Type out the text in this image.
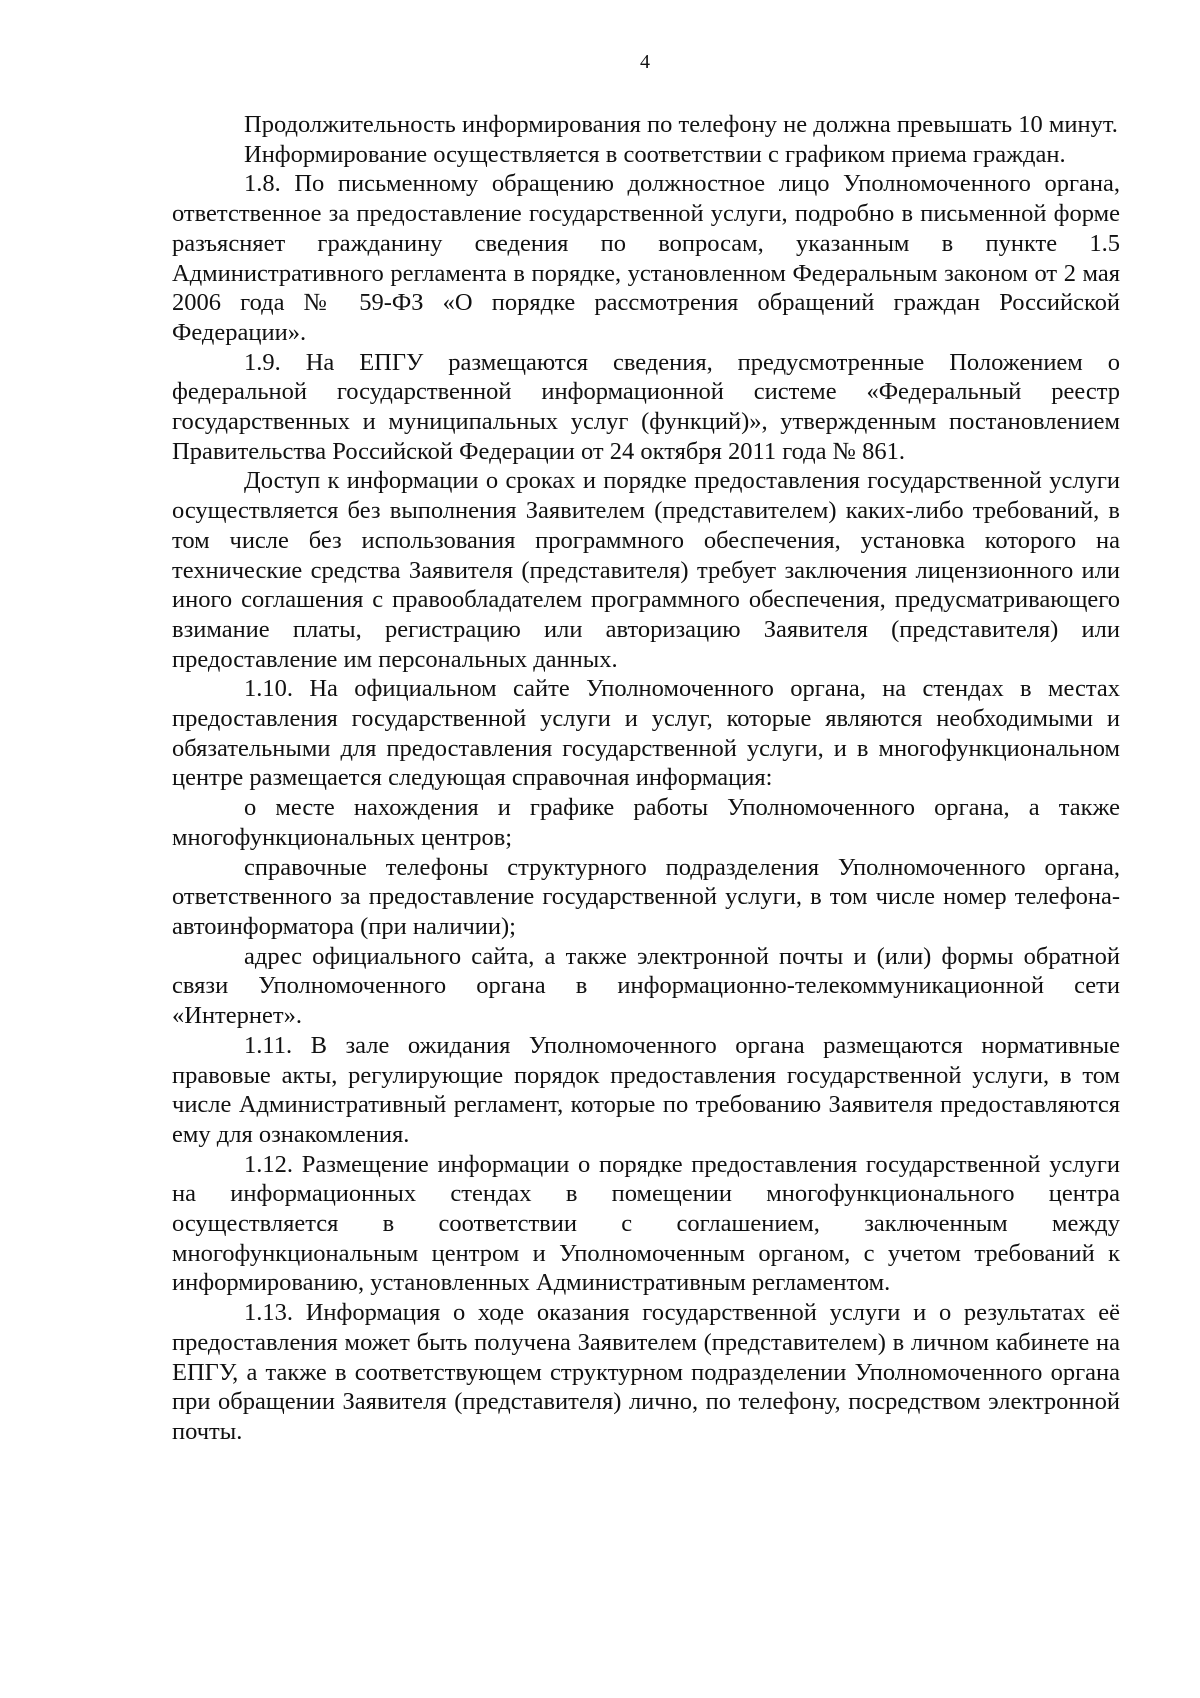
4

Продолжительность информирования по телефону не должна превышать 10 минут.

Информирование осуществляется в соответствии с графиком приема граждан.

1.8. По письменному обращению должностное лицо Уполномоченного органа, ответственное за предоставление государственной услуги, подробно в письменной форме разъясняет гражданину сведения по вопросам, указанным в пункте 1.5 Административного регламента в порядке, установленном Федеральным законом от 2 мая 2006 года № 59-ФЗ «О порядке рассмотрения обращений граждан Российской Федерации».

1.9. На ЕПГУ размещаются сведения, предусмотренные Положением о федеральной государственной информационной системе «Федеральный реестр государственных и муниципальных услуг (функций)», утвержденным постановлением Правительства Российской Федерации от 24 октября 2011 года № 861.

Доступ к информации о сроках и порядке предоставления государственной услуги осуществляется без выполнения Заявителем (представителем) каких-либо требований, в том числе без использования программного обеспечения, установка которого на технические средства Заявителя (представителя) требует заключения лицензионного или иного соглашения с правообладателем программного обеспечения, предусматривающего взимание платы, регистрацию или авторизацию Заявителя (представителя) или предоставление им персональных данных.

1.10. На официальном сайте Уполномоченного органа, на стендах в местах предоставления государственной услуги и услуг, которые являются необходимыми и обязательными для предоставления государственной услуги, и в многофункциональном центре размещается следующая справочная информация:

о месте нахождения и графике работы Уполномоченного органа, а также многофункциональных центров;

справочные телефоны структурного подразделения Уполномоченного органа, ответственного за предоставление государственной услуги, в том числе номер телефона-автоинформатора (при наличии);

адрес официального сайта, а также электронной почты и (или) формы обратной связи Уполномоченного органа в информационно-телекоммуникационной сети «Интернет».

1.11. В зале ожидания Уполномоченного органа размещаются нормативные правовые акты, регулирующие порядок предоставления государственной услуги, в том числе Административный регламент, которые по требованию Заявителя предоставляются ему для ознакомления.

1.12. Размещение информации о порядке предоставления государственной услуги на информационных стендах в помещении многофункционального центра осуществляется в соответствии с соглашением, заключенным между многофункциональным центром и Уполномоченным органом, с учетом требований к информированию, установленных Административным регламентом.

1.13. Информация о ходе оказания государственной услуги и о результатах её предоставления может быть получена Заявителем (представителем) в личном кабинете на ЕПГУ, а также в соответствующем структурном подразделении Уполномоченного органа при обращении Заявителя (представителя) лично, по телефону, посредством электронной почты.
